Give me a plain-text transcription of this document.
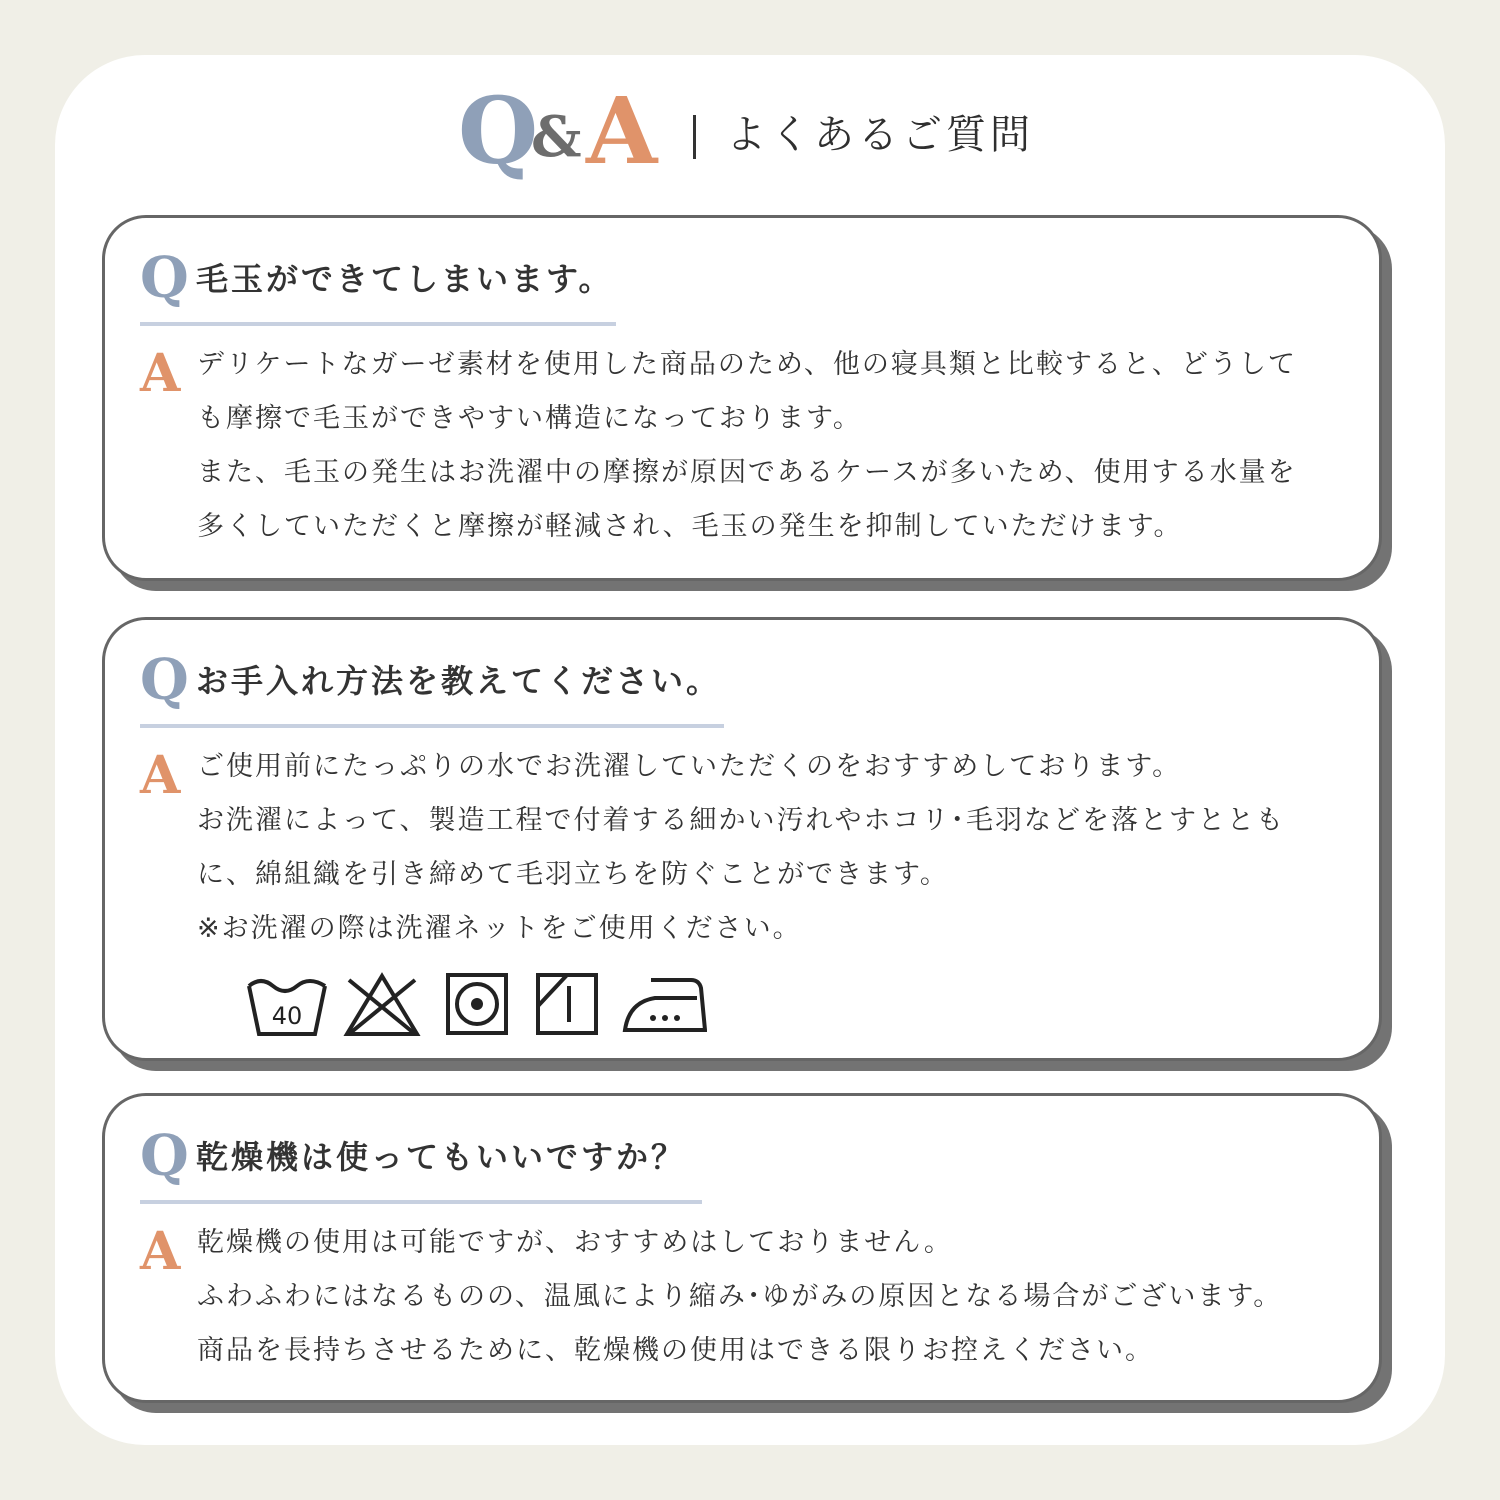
Q
& A よくあるご質問
Q 毛玉ができてしまいます。
A デリケートなガーゼ素材を使用した商品のため、他の寝具類と比較すると、どうして
も摩擦で毛玉ができやすい構造になっております。
また、毛玉の発生はお洗濯中の摩擦が原因であるケースが多いため、使用する水量を
多くしていただくと摩擦が軽減され、毛玉の発生を抑制していただけます。
Q お手入れ方法を教えてください。
A ご使用前にたっぷりの水でお洗濯していただくのをおすすめしております。
お洗濯によって、製造工程で付着する細かい汚れやホコリ･毛羽などを落とすととも
に、綿組織を引き締めて毛羽立ちを防ぐことができます。
※お洗濯の際は洗濯ネットをご使用ください。
40
Q 乾燥機は使ってもいいですか？
A 乾燥機の使用は可能ですが、おすすめはしておりません。
ふわふわにはなるものの、温風により縮み･ゆがみの原因となる場合がございます。
商品を長持ちさせるために、乾燥機の使用はできる限りお控えください。
